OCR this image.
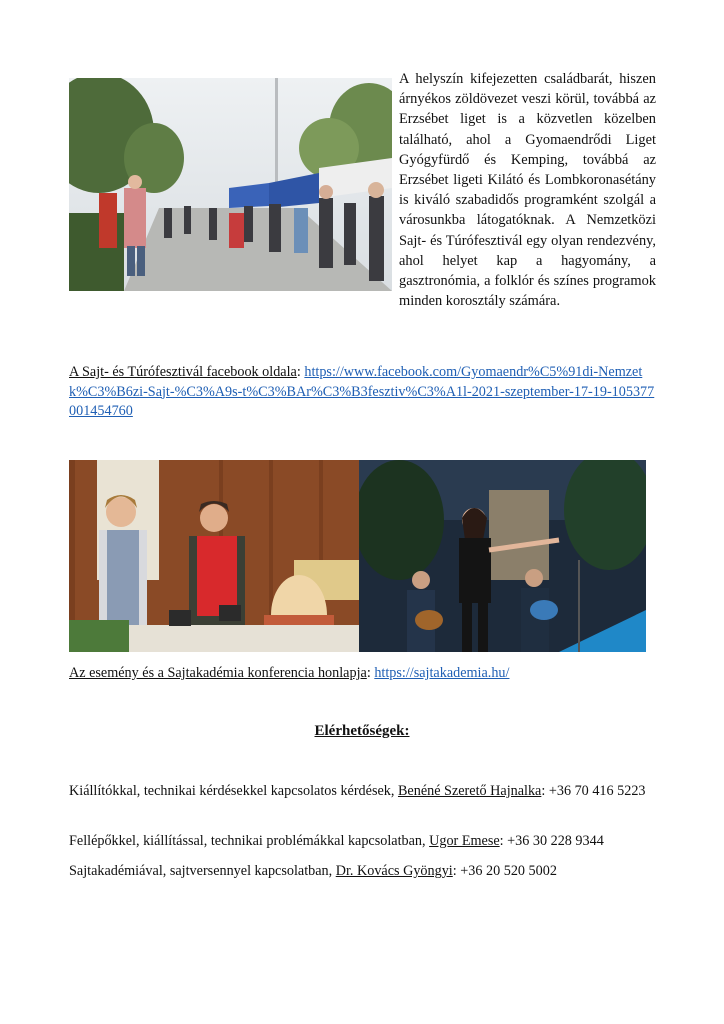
A helyszín kifejezetten családbarát, hiszen árnyékos zöldövezet veszi körül, továbbá az Erzsébet liget is a közvetlen közelben található, ahol a Gyomaendrődi Liget Gyógyfürdő és Kemping, továbbá az Erzsébet ligeti Kilátó és Lombkoronasétány is kiváló szabadidős programként szolgál a városunkba látogatóknak. A Nemzetközi Sajt- és Túrófesztivál egy olyan rendezvény, ahol helyet kap a hagyomány, a gasztronómia, a folklór és színes programok minden korosztály számára.

A Sajt- és Túrófesztivál facebook oldala: https://www.facebook.com/Gyomaendr%C5%91di-Nemzetk%C3%B6zi-Sajt-%C3%A9s-t%C3%BAr%C3%B3fesztiv%C3%A1l-2021-szeptember-17-19-105377001454760

Az esemény és a Sajtakadémia konferencia honlapja: https://sajtakademia.hu/

Elérhetőségek:

Kiállítókkal, technikai kérdésekkel kapcsolatos kérdések, Benéné Szerető Hajnalka: +36 70 416 5223

Fellépőkkel, kiállítással, technikai problémákkal kapcsolatban, Ugor Emese: +36 30 228 9344

Sajtakadémiával, sajtversennyel kapcsolatban, Dr. Kovács Gyöngyi: +36 20 520 5002
